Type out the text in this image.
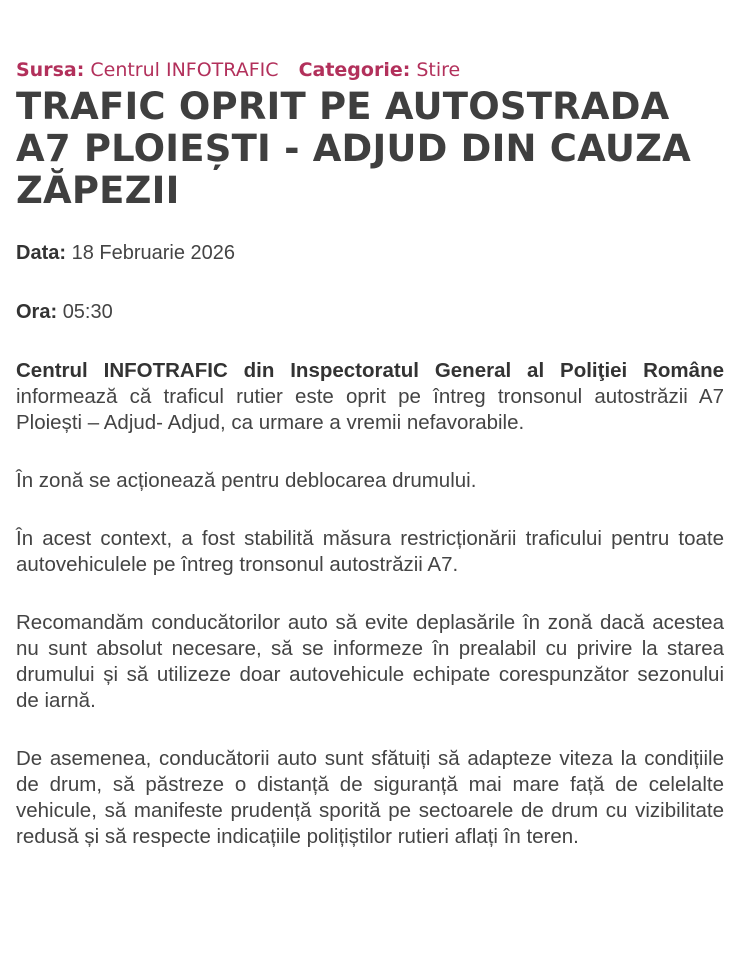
Sursa: Centrul INFOTRAFIC Categorie: Stire
TRAFIC OPRIT PE AUTOSTRADA A7 PLOIEȘTI - ADJUD DIN CAUZA ZĂPEZII

Data: 18 Februarie 2026

Ora: 05:30

Centrul INFOTRAFIC din Inspectoratul General al Poliţiei Române informează că traficul rutier este oprit pe întreg tronsonul autostrăzii A7 Ploiești – Adjud- Adjud, ca urmare a vremii nefavorabile.

În zonă se acționează pentru deblocarea drumului.

În acest context, a fost stabilită măsura restricționării traficului pentru toate autovehiculele pe întreg tronsonul autostrăzii A7.

Recomandăm conducătorilor auto să evite deplasările în zonă dacă acestea nu sunt absolut necesare, să se informeze în prealabil cu privire la starea drumului și să utilizeze doar autovehicule echipate corespunzător sezonului de iarnă.

De asemenea, conducătorii auto sunt sfătuiți să adapteze viteza la condițiile de drum, să păstreze o distanță de siguranță mai mare față de celelalte vehicule, să manifeste prudență sporită pe sectoarele de drum cu vizibilitate redusă și să respecte indicațiile polițiștilor rutieri aflați în teren.
